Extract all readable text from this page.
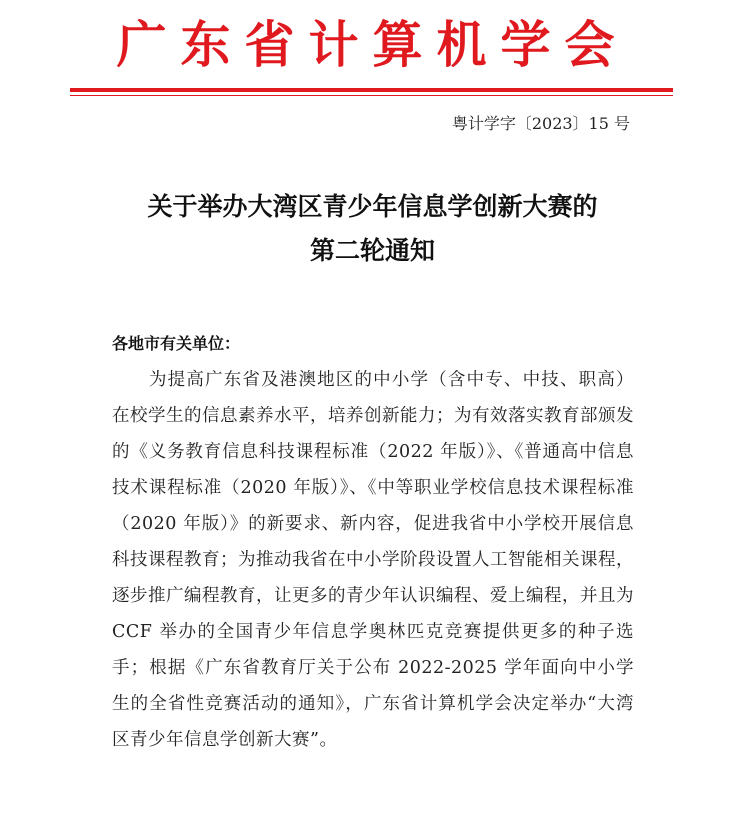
广东省计算机学会
粤计学字〔2023〕15 号
关于举办大湾区青少年信息学创新大赛的
第二轮通知
各地市有关单位：

为提高广东省及港澳地区的中小学（含中专、中技、职高）在校学生的信息素养水平，培养创新能力；为有效落实教育部颁发的《义务教育信息科技课程标准（2022 年版）》、《普通高中信息技术课程标准（2020 年版）》、《中等职业学校信息技术课程标准（2020 年版）》的新要求、新内容，促进我省中小学校开展信息科技课程教育；为推动我省在中小学阶段设置人工智能相关课程，逐步推广编程教育，让更多的青少年认识编程、爱上编程，并且为 CCF 举办的全国青少年信息学奥林匹克竞赛提供更多的种子选手；根据《广东省教育厅关于公布 2022-2025 学年面向中小学生的全省性竞赛活动的通知》，广东省计算机学会决定举办“大湾区青少年信息学创新大赛”。
